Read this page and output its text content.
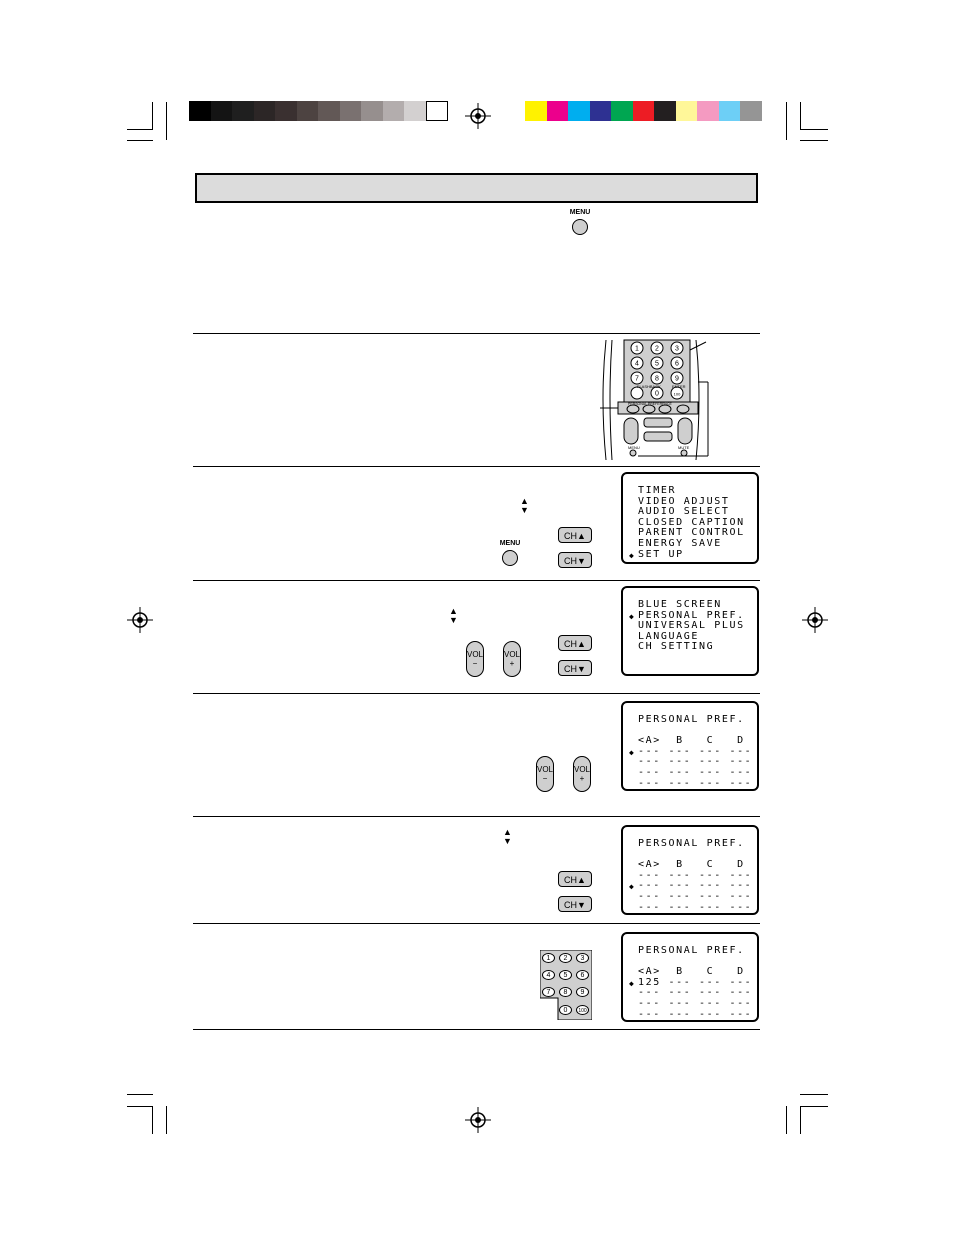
MENU
1 2 3
4 5 6
7 8 9
0	100
FLASHBACK	ENTER
PERSONAL PREFERENCE
MENU	MUTE
▲
▼
MENU
CH▲
CH▼
▲
▼
VOL
−
VOL
+
CH▲
CH▼
VOL
−
VOL
+
▲
▼
CH▲
CH▼
1	2	3
4	5	6
7	8	9
0	100
TIMER
VIDEO ADJUST
AUDIO SELECT
CLOSED CAPTION
PARENT CONTROL
ENERGY SAVE
SET UP
◆
BLUE SCREEN
PERSONAL PREF.
UNIVERSAL PLUS
LANGUAGE
CH SETTING
◆
PERSONAL PREF.
<A>  B   C   D
--- --- --- ---
--- --- --- ---
--- --- --- ---
--- --- --- ---
◆
PERSONAL PREF.
<A>  B   C   D
--- --- --- ---
--- --- --- ---
--- --- --- ---
--- --- --- ---
◆
PERSONAL PREF.
<A>  B   C   D
125 --- --- ---
--- --- --- ---
--- --- --- ---
--- --- --- ---
◆
